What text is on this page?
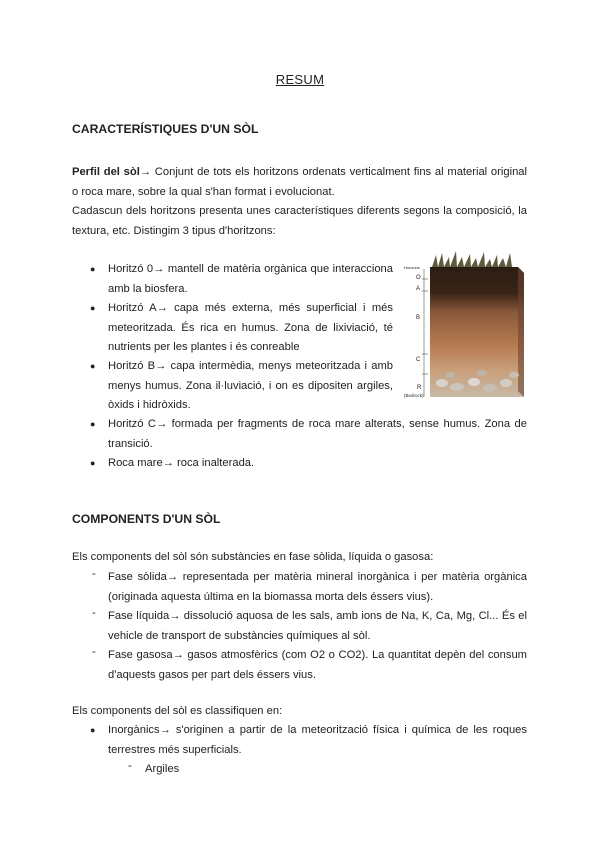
RESUM
CARACTERÍSTIQUES D'UN SÒL

Perfil del sòl→ Conjunt de tots els horitzons ordenats verticalment fins al material original o roca mare, sobre la qual s'han format i evolucionat.

Cadascun dels horitzons presenta unes característiques diferents segons la composició, la textura, etc. Distingim 3 tipus d'horitzons:

● Horitzó 0→ mantell de matèria orgànica que interacciona amb la biosfera.

● Horitzó A→ capa més externa, més superficial i més meteoritzada. És rica en humus. Zona de lixiviació, té nutrients per les plantes i és conreable

● Horitzó B→ capa intermèdia, menys meteoritzada i amb menys humus. Zona il·luviació, i on es dipositen argiles, òxids i hidròxids.

● Horitzó C→ formada per fragments de roca mare alterats, sense humus. Zona de transició.

● Roca mare→ roca inalterada.

Horizons
O
A
B
C
R
(Bedrock)
COMPONENTS D'UN SÒL

Els components del sòl són substàncies en fase sòlida, líquida o gasosa:

- Fase sòlida→ representada per matèria mineral inorgànica i per matèria orgànica (originada aquesta última en la biomassa morta dels éssers vius).

- Fase líquida→ dissolució aquosa de les sals, amb ions de Na, K, Ca, Mg, Cl... És el vehicle de transport de substàncies químiques al sòl.

- Fase gasosa→ gasos atmosfèrics (com O2 o CO2). La quantitat depèn del consum d'aquests gasos per part dels éssers vius.

Els components del sòl es classifiquen en:

● Inorgànics→ s'originen a partir de la meteorització física i química de les roques terrestres més superficials.

- Argiles
